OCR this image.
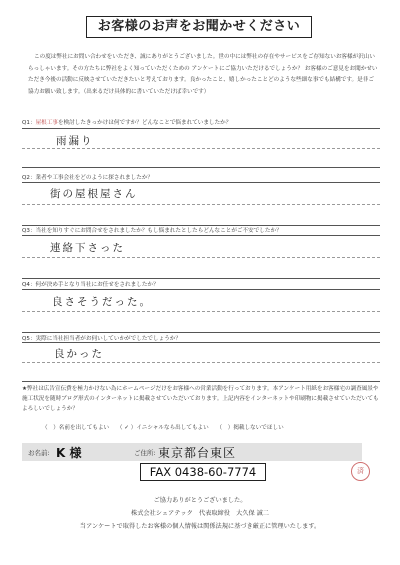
お客様のお声をお聞かせください
この度は弊社にお問い合わせをいただき、誠にありがとうございました。世の中には弊社の存在やサービスをご存知ないお客様が沢山いらっしゃいます。その方たちに弊社をよく知っていただくための アンケートにご協力いただけるでしょうか？ お客様のご意見をお聞かせいただき今後の活動に反映させていただきたいと考えております。良かったこと、嬉しかったことどのような些細な事でも結構です。是非ご協力お願い致します。（出来るだけ具体的に書いていただけば幸いです）
Q1：屋根工事を検討したきっかけは何ですか？どんなことで悩まれていましたか？
雨漏り
Q2：業者や工事会社をどのように探されましたか？
街の屋根屋さん
Q3：当社を知りすぐにお問合せをされましたか？もし悩まれたとしたらどんなことがご不安でしたか？
連絡下さった
Q4：何が決め手となり当社にお任せをされましたか？
良さそうだった。
Q5：実際に当社担当者がお伺いしていかがでしたでしょうか？
良かった
★弊社は広告宣伝費を極力かけない為にホームページだけをお客様への営業活動を行っております。本アンケート用紙をお客様宅の調査風景や施工状況を随時ブログ形式のインターネットに掲載させていただいております。上記内容をインターネットや印刷物に掲載させていただいてもよろしいでしょうか？
（　）名前を出してもよい （ ✓ ）イニシャルなら出してもよい （　）掲載しないでほしい
お名前: K 様	ご住所: 東京都台東区
FAX 0438-60-7774	済
ご協力ありがとうございました。
株式会社シェアテック　代表取締役　大久保 誠二
当アンケートで取得したお客様の個人情報は関係法規に基づき厳正に管理いたします。
